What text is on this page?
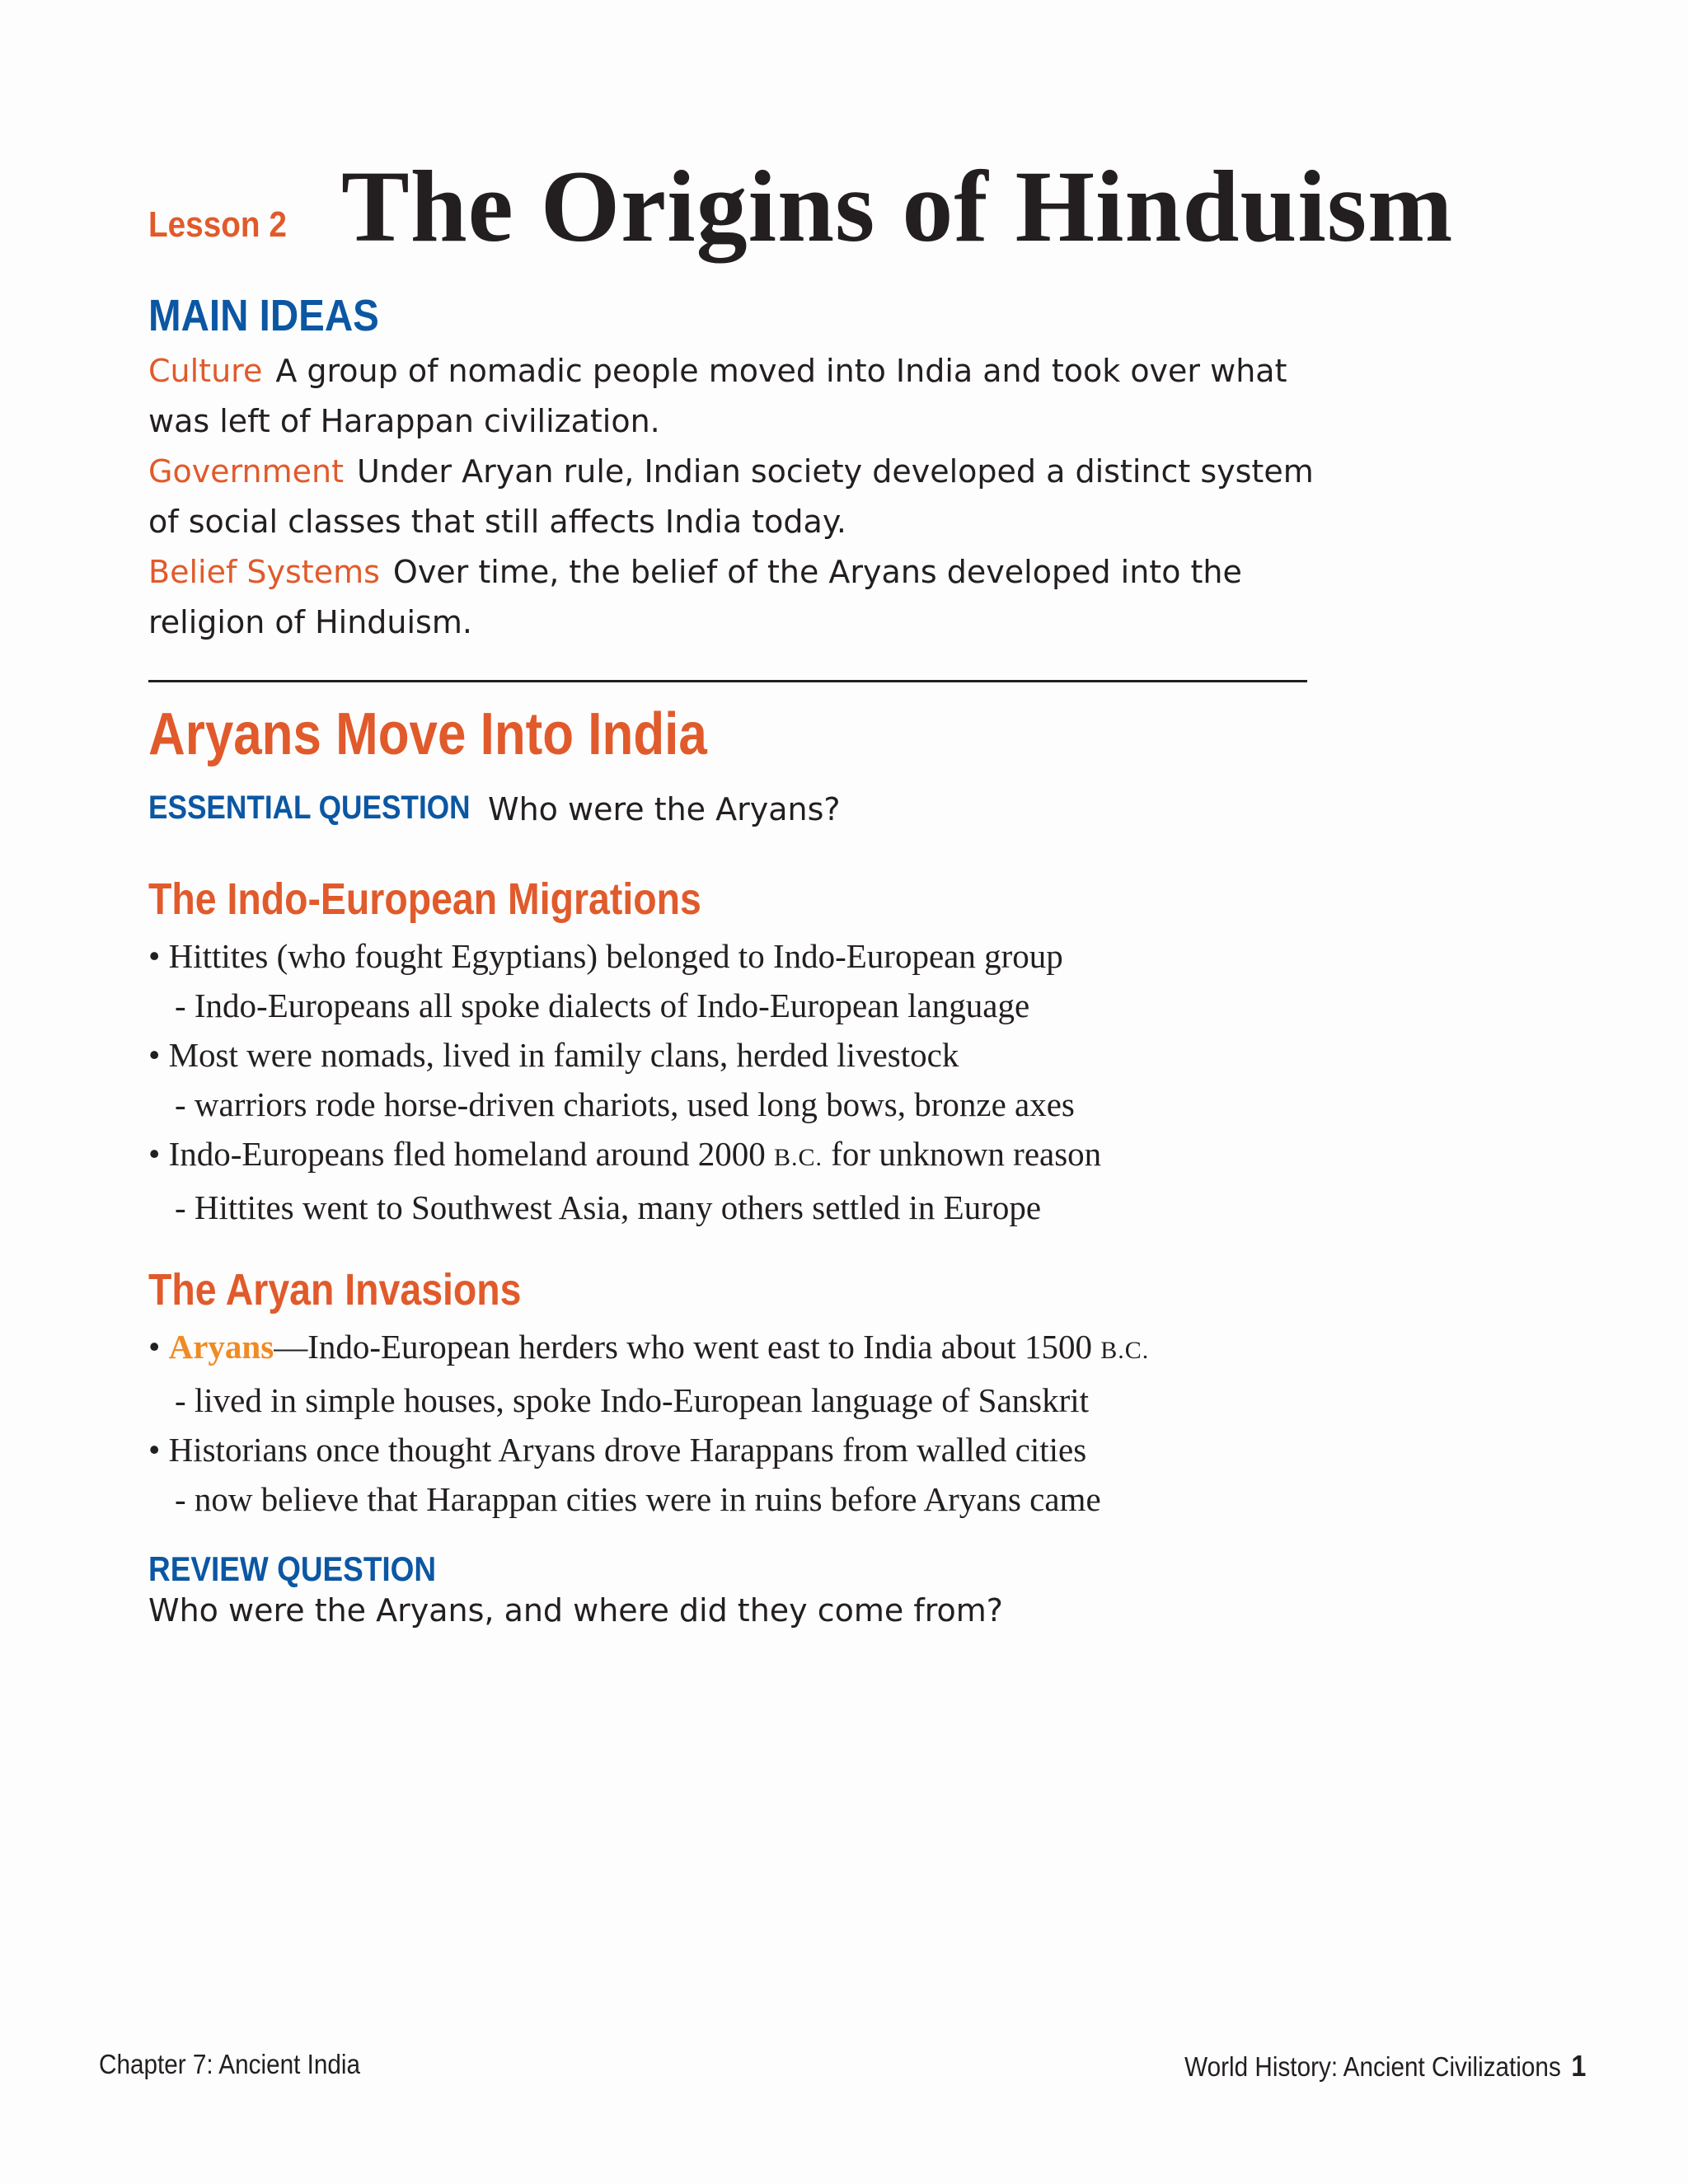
Lesson 2 The Origins of Hinduism
MAIN IDEAS
Culture A group of nomadic people moved into India and took over what was left of Harappan civilization.
Government Under Aryan rule, Indian society developed a distinct system of social classes that still affects India today.
Belief Systems Over time, the belief of the Aryans developed into the religion of Hinduism.
Aryans Move Into India
ESSENTIAL QUESTION Who were the Aryans?
The Indo-European Migrations
• Hittites (who fought Egyptians) belonged to Indo-European group
- Indo-Europeans all spoke dialects of Indo-European language
• Most were nomads, lived in family clans, herded livestock
- warriors rode horse-driven chariots, used long bows, bronze axes
• Indo-Europeans fled homeland around 2000 B.C. for unknown reason
- Hittites went to Southwest Asia, many others settled in Europe
The Aryan Invasions
• Aryans—Indo-European herders who went east to India about 1500 B.C.
- lived in simple houses, spoke Indo-European language of Sanskrit
• Historians once thought Aryans drove Harappans from walled cities
- now believe that Harappan cities were in ruins before Aryans came
REVIEW QUESTION
Who were the Aryans, and where did they come from?
Chapter 7: Ancient India	World History: Ancient Civilizations 1
